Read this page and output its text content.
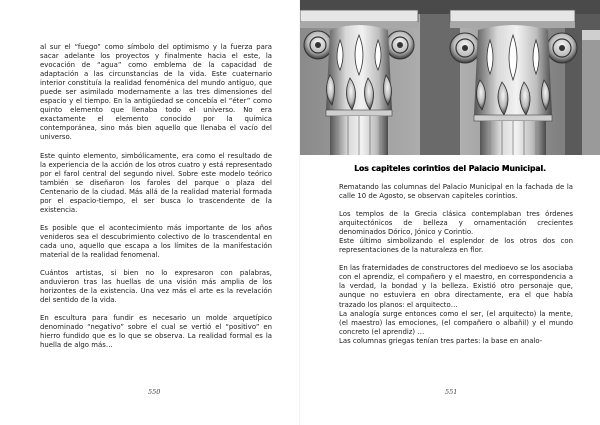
al sur el “fuego” como símbolo del optimismo y la fuerza para sacar adelante los proyectos y finalmente hacia el este, la evocación de “agua” como emblema de la capacidad de adaptación a las circunstancias de la vida. Este cuaternario interior constituía la realidad fenoménica del mundo antiguo, que puede ser asimilado modernamente a las tres dimensiones del espacio y el tiempo. En la antigüedad se concebía el “éter” como quinto elemento que llenaba todo el universo. No era exactamente el elemento conocido por la química contemporánea, sino más bien aquello que llenaba el vacío del universo.

Este quinto elemento, simbólicamente, era como el resultado de la experiencia de la acción de los otros cuatro y está representado por el farol central del segundo nivel. Sobre este modelo teórico también se diseñaron los faroles del parque o plaza del Centenario de la ciudad. Más allá de la realidad material formada por el espacio-tiempo, el ser busca lo trascendente de la existencia.

Es posible que el acontecimiento más importante de los años venideros sea el descubrimiento colectivo de lo trascendental en cada uno, aquello que escapa a los límites de la manifestación material de la realidad fenomenal.

Cuántos artistas, si bien no lo expresaron con palabras, anduvieron tras las huellas de una visión más amplia de los horizontes de la existencia. Una vez más el arte es la revelación del sentido de la vida.

En escultura para fundir es necesario un molde arquetípico denominado “negativo” sobre el cual se vertió el “positivo” en hierro fundido que es lo que se observa. La realidad formal es la huella de algo más…

550
Los capiteles corintios del Palacio Municipal.

Rematando las columnas del Palacio Municipal en la fachada de la calle 10 de Agosto, se observan capiteles corintios.

Los templos de la Grecia clásica contemplaban tres órdenes arquitectónicos de belleza y ornamentación crecientes denominados Dórico, Jónico y Corintio.
Este último simbolizando el esplendor de los otros dos con representaciones de la naturaleza en flor.

En las fraternidades de constructores del medioevo se los asociaba con el aprendiz, el compañero y el maestro, en correspondencia a la verdad, la bondad y la belleza. Existió otro personaje que, aunque no estuviera en obra directamente, era el que había trazado los planos: el arquitecto…
La analogía surge entonces como el ser, (el arquitecto) la mente, (el maestro) las emociones, (el compañero o albañil) y el mundo concreto (el aprendiz) …
Las columnas griegas tenían tres partes: la base en analo-

551
